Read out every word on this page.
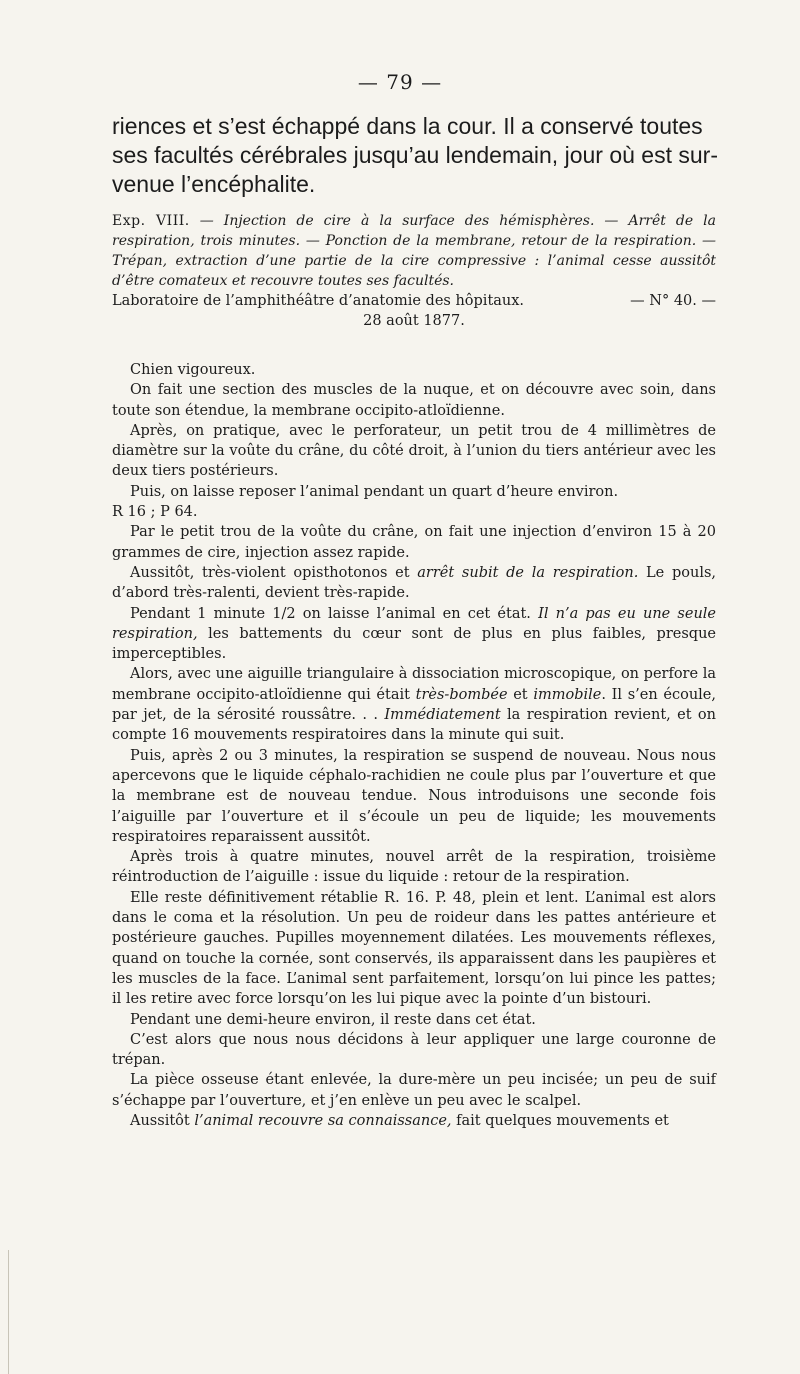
— 79 —
riences et s’est échappé dans la cour. Il a conservé toutes
ses facultés cérébrales jusqu’au lendemain, jour où est sur-
venue l’encéphalite.
Exp. VIII. — Injection de cire à la surface des hémisphères. — Arrêt de la respiration, trois minutes. — Ponction de la membrane, retour de la respiration. — Trépan, extraction d’une partie de la cire compressive : l’animal cesse aussitôt d’être comateux et recouvre toutes ses facultés.
Laboratoire de l’amphithéâtre d’anatomie des hôpitaux.	— N° 40. —
28 août 1877.

Chien vigoureux.

On fait une section des muscles de la nuque, et on découvre avec soin, dans toute son étendue, la membrane occipito-atloïdienne.

Après, on pratique, avec le perforateur, un petit trou de 4 millimètres de diamètre sur la voûte du crâne, du côté droit, à l’union du tiers antérieur avec les deux tiers postérieurs.

Puis, on laisse reposer l’animal pendant un quart d’heure environ.

R 16 ; P 64.

Par le petit trou de la voûte du crâne, on fait une injection d’environ 15 à 20 grammes de cire, injection assez rapide.

Aussitôt, très-violent opisthotonos et arrêt subit de la respiration. Le pouls, d’abord très-ralenti, devient très-rapide.

Pendant 1 minute 1/2 on laisse l’animal en cet état. Il n’a pas eu une seule respiration, les battements du cœur sont de plus en plus faibles, presque imperceptibles.

Alors, avec une aiguille triangulaire à dissociation microscopique, on perfore la membrane occipito-atloïdienne qui était très-bombée et immobile. Il s’en écoule, par jet, de la sérosité roussâtre. . . Immédiatement la respiration revient, et on compte 16 mouvements respiratoires dans la minute qui suit.

Puis, après 2 ou 3 minutes, la respiration se suspend de nouveau. Nous nous apercevons que le liquide céphalo-rachidien ne coule plus par l’ouverture et que la membrane est de nouveau tendue. Nous introduisons une seconde fois l’aiguille par l’ouverture et il s’écoule un peu de liquide; les mouvements respiratoires reparaissent aussitôt.

Après trois à quatre minutes, nouvel arrêt de la respiration, troisième réintroduction de l’aiguille : issue du liquide : retour de la respiration.

Elle reste définitivement rétablie R. 16. P. 48, plein et lent. L’animal est alors dans le coma et la résolution. Un peu de roideur dans les pattes antérieure et postérieure gauches. Pupilles moyennement dilatées. Les mouvements réflexes, quand on touche la cornée, sont conservés, ils apparaissent dans les paupières et les muscles de la face. L’animal sent parfaitement, lorsqu’on lui pince les pattes; il les retire avec force lorsqu’on les lui pique avec la pointe d’un bistouri.

Pendant une demi-heure environ, il reste dans cet état.

C’est alors que nous nous décidons à leur appliquer une large couronne de trépan.

La pièce osseuse étant enlevée, la dure-mère un peu incisée; un peu de suif s’échappe par l’ouverture, et j’en enlève un peu avec le scalpel.

Aussitôt l’animal recouvre sa connaissance, fait quelques mouvements et
